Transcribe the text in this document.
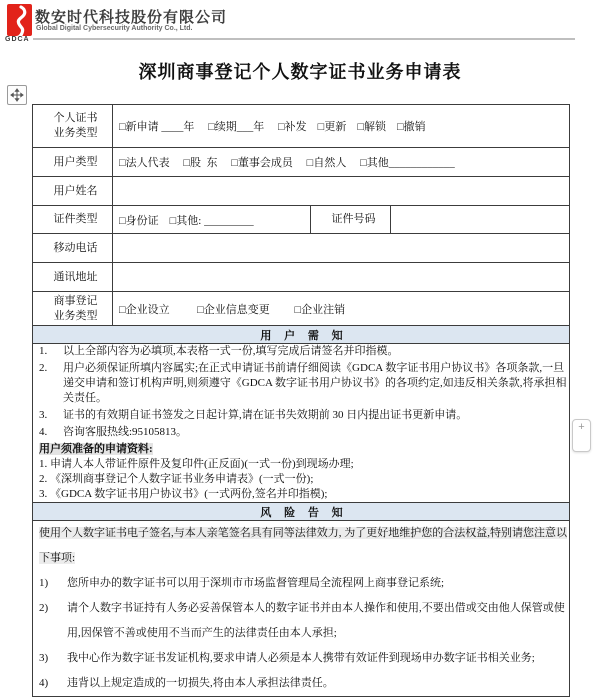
GDCA
数安时代科技股份有限公司
Global Digital Cybersecurity Authority Co., Ltd.
深圳商事登记个人数字证书业务申请表
+
个人证书
业务类型	□新申请 ____年     □续期___年     □补发    □更新    □解锁    □撤销		
用户类型	□法人代表     □股  东     □董事会成员     □自然人     □其他____________		
用户姓名			
证件类型	□身份证    □其他: _________	证件号码	
移动电话			
通讯地址			

商事登记
业务类型	□企业设立          □企业信息变更         □企业注销		
用 户 需 知			

1.	以上全部内容为必填项,本表格一式一份,填写完成后请签名并印指模。
2.	用户必须保证所填内容属实;在正式申请证书前请仔细阅读《GDCA 数字证书用户协议书》各项条款,一旦递交申请和签订机构声明,则须遵守《GDCA 数字证书用户协议书》的各项约定,如违反相关条款,将承担相关责任。
3.	证书的有效期自证书签发之日起计算,请在证书失效期前 30 日内提出证书更新申请。
4.	咨询客服热线:95105813。
用户须准备的申请资料:
1. 申请人本人带证件原件及复印件(正反面)(一式一份)到现场办理;
2. 《深圳商事登记个人数字证书业务申请表》(一式一份);
3. 《GDCA 数字证书用户协议书》(一式两份,签名并印指模);

风 险 告 知			

使用个人数字证书电子签名,与本人亲笔签名具有同等法律效力, 为了更好地维护您的合法权益,特别请您注意以下事项:
1)	您所申办的数字证书可以用于深圳市市场监督管理局全流程网上商事登记系统;
2)	请个人数字书证持有人务必妥善保管本人的数字证书并由本人操作和使用,不要出借或交由他人保管或使用,因保管不善或使用不当而产生的法律责任由本人承担;
3)	我中心作为数字证书发证机构,要求申请人必须是本人携带有效证件到现场申办数字证书相关业务;
4)	违背以上规定造成的一切损失,将由本人承担法律责任。
